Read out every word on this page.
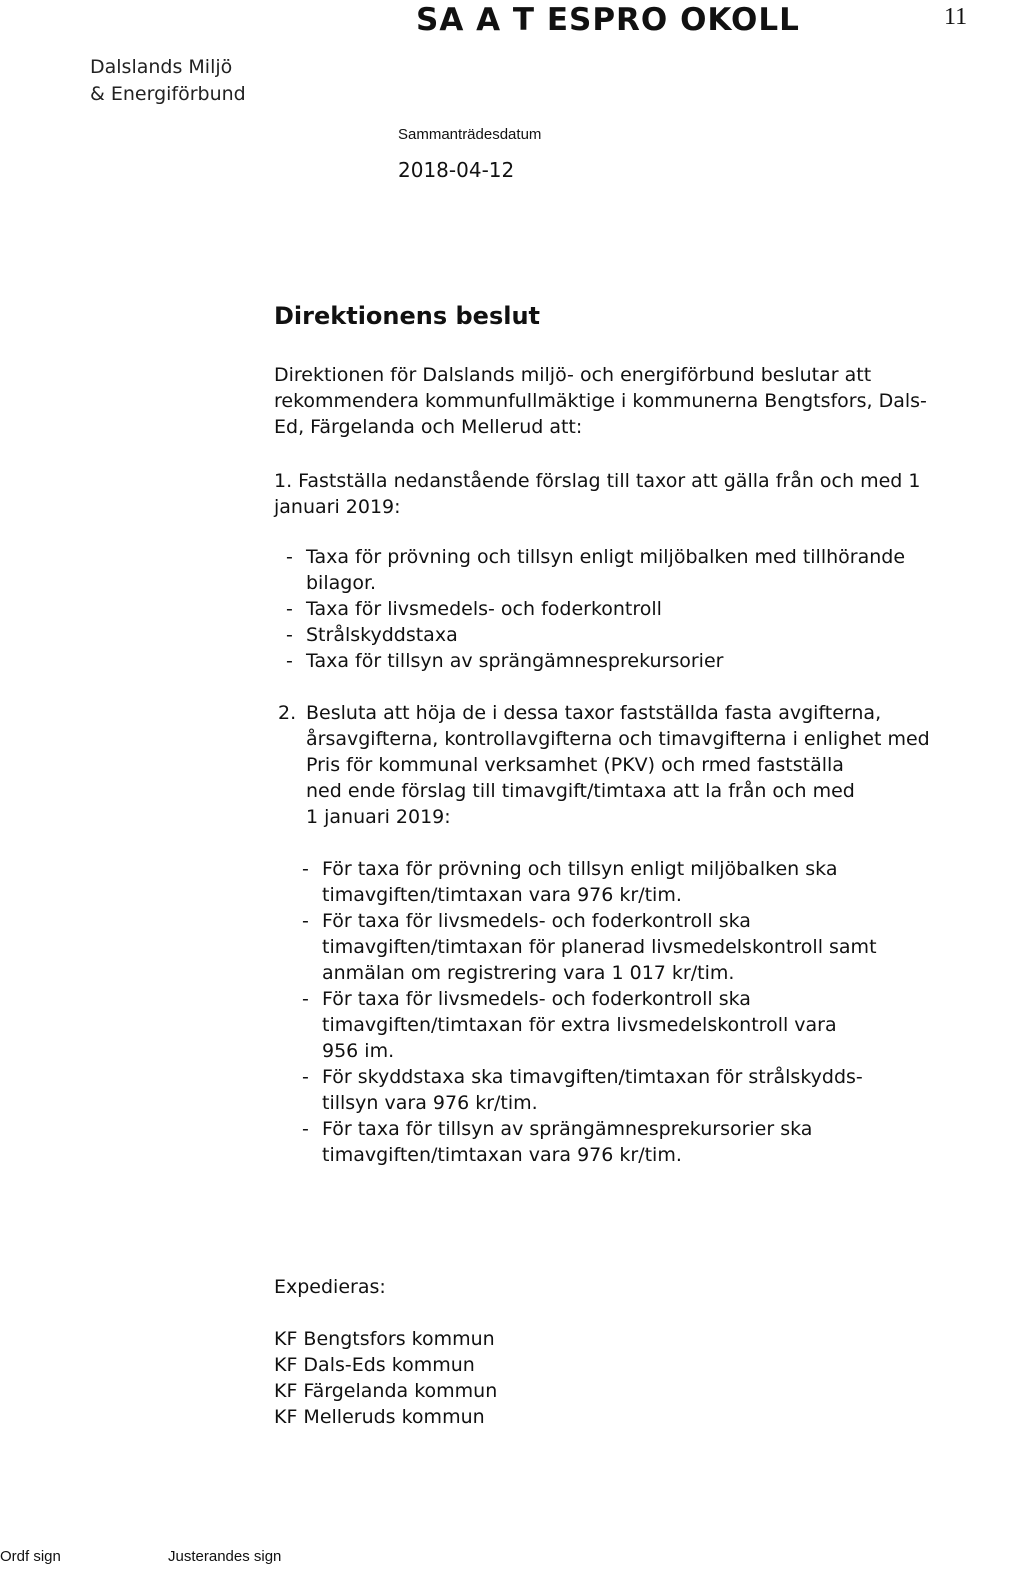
SA A T ESPRO OKOLL	11
Dalslands Miljö
& Energiförbund
Sammanträdesdatum
2018-04-12
Direktionens beslut
Direktionen för Dalslands miljö- och energiförbund beslutar att
rekommendera kommunfullmäktige i kommunerna Bengtsfors, Dals-
Ed, Färgelanda och Mellerud att:
1. Fastställa nedanstående förslag till taxor att gälla från och med 1
januari 2019:
- Taxa för prövning och tillsyn enligt miljöbalken med tillhörande
bilagor.
- Taxa för livsmedels- och foderkontroll
- Strålskyddstaxa
- Taxa för tillsyn av sprängämnesprekursorier
2. Besluta att höja de i dessa taxor fastställda fasta avgifterna,
årsavgifterna, kontrollavgifterna och timavgifterna i enlighet med
Pris för kommunal verksamhet (PKV) och rmed fastställa
ned ende förslag till timavgift/timtaxa att la från och med
1 januari 2019:
- För taxa för prövning och tillsyn enligt miljöbalken ska
timavgiften/timtaxan vara 976 kr/tim.
- För taxa för livsmedels- och foderkontroll ska
timavgiften/timtaxan för planerad livsmedelskontroll samt
anmälan om registrering vara 1 017 kr/tim.
- För taxa för livsmedels- och foderkontroll ska
timavgiften/timtaxan för extra livsmedelskontroll vara
956 im.
- För skyddstaxa ska timavgiften/timtaxan för strålskydds-
tillsyn vara 976 kr/tim.
- För taxa för tillsyn av sprängämnesprekursorier ska
timavgiften/timtaxan vara 976 kr/tim.
Expedieras:
KF Bengtsfors kommun
KF Dals-Eds kommun
KF Färgelanda kommun
KF Melleruds kommun
Ordf sign	Justerandes sign
